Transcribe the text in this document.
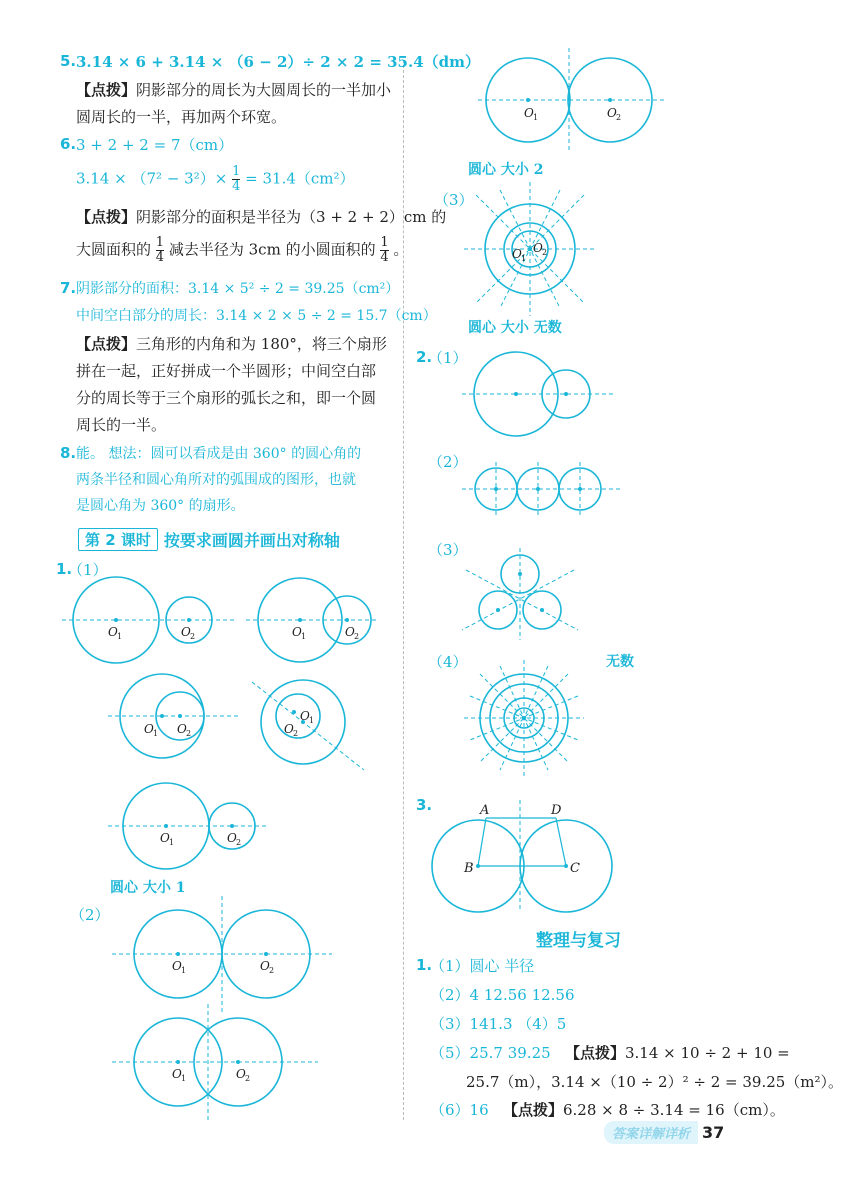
5. 3.14 × 6 + 3.14 × （6 − 2）÷ 2 × 2 = 35.4（dm）
【点拨】阴影部分的周长为大圆周长的一半加小
圆周长的一半，再加两个环宽。
6. 3 + 2 + 2 = 7（cm）
$3.14 \times (7^2 - 3^2)\times \frac{1}{4} = 31.4(cm^2)$
【点拨】阴影部分的面积是半径为（3 + 2 + 2）cm 的
大圆面积的 $\frac{1}{4}$ 减去半径为 3cm 的小圆面积的 $\frac{1}{4}$ 。
7. 阴影部分的面积：3.14 × 5² ÷ 2 = 39.25（cm²）
中间空白部分的周长：3.14 × 2 × 5 ÷ 2 = 15.7（cm）
【点拨】三角形的内角和为 180°，将三个扇形
拼在一起，正好拼成一个半圆形；中间空白部
分的周长等于三个扇形的弧长之和，即一个圆
周长的一半。
8. 能。 想法：圆可以看成是由 360° 的圆心角的
两条半径和圆心角所对的弧围成的图形，也就
是圆心角为 360° 的扇形。
第 2 课时 按要求画圆并画出对称轴
1.
（1）
圆心 大小 1
（2）
圆心 大小 2
（3）
圆心 大小 无数
2.
（1）
（2）
（3）
（4）	无数
3.
整理与复习
1.
（1）圆心 半径
（2）4 12.56 12.56
（3）141.3 （4）5
（5）25.7 39.25 【点拨】3.14 × 10 ÷ 2 + 10 =
25.7（m），3.14 ×（10 ÷ 2）² ÷ 2 = 39.25（m²）。
（6）16 【点拨】6.28 × 8 ÷ 3.14 = 16（cm）。
答案详解详析 37
O 1	O 2	O 1	O 2
O 1 O 2
O 1
O 2
O 1	O 2
O 1	O 2
O 1	O 2
O 1	O 2
O 1
O 2
A	D
B	C
